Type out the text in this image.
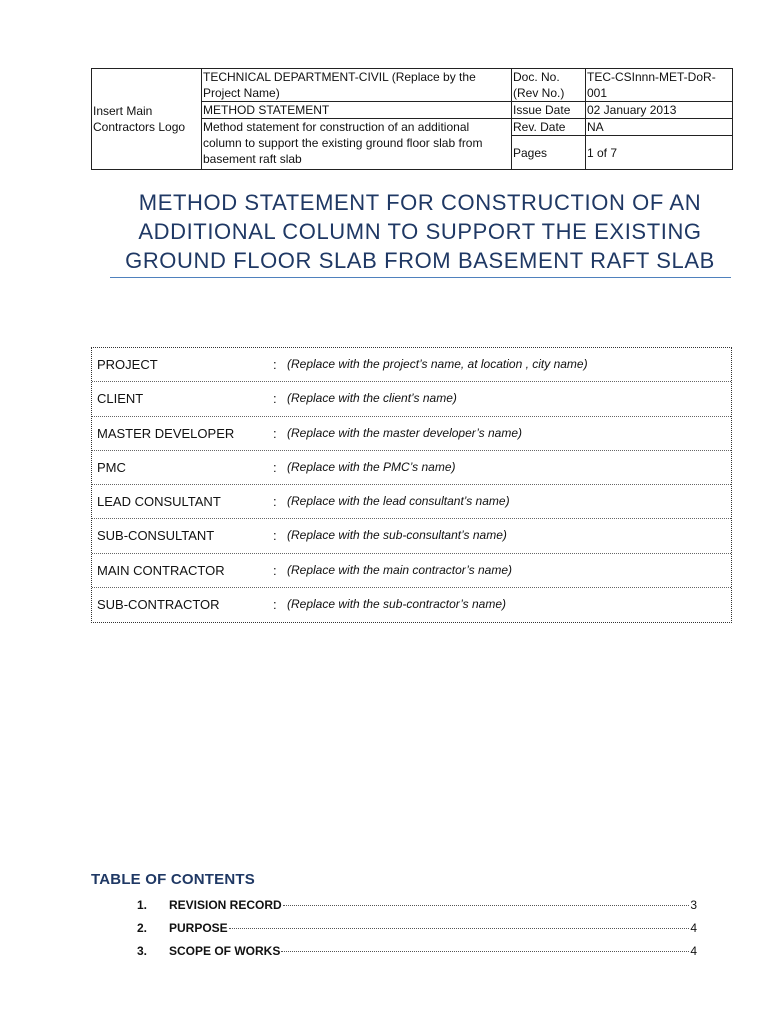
Insert Main Contractors Logo	TECHNICAL DEPARTMENT-CIVIL (Replace by the Project Name)	Doc. No. (Rev No.)	TEC-CSInnn-MET-DoR-001
	METHOD STATEMENT	Issue Date	02 January 2013
	Method statement for construction of an additional column to support the existing ground floor slab from basement raft slab	Rev. Date	NA
		Pages	1 of 7
METHOD STATEMENT FOR CONSTRUCTION OF AN
ADDITIONAL COLUMN TO SUPPORT THE EXISTING
GROUND FLOOR SLAB FROM BASEMENT RAFT SLAB
PROJECT	: (Replace with the project’s name, at location , city name)
CLIENT	: (Replace with the client’s name)
MASTER DEVELOPER	: (Replace with the master developer’s name)
PMC	: (Replace with the PMC’s name)
LEAD CONSULTANT	: (Replace with the lead consultant’s name)
SUB-CONSULTANT	: (Replace with the sub-consultant’s name)
MAIN CONTRACTOR	: (Replace with the main contractor’s name)
SUB-CONTRACTOR	: (Replace with the sub-contractor’s name)
TABLE OF CONTENTS
1.	REVISION RECORD	3
2.	PURPOSE	4
3.	SCOPE OF WORKS	4
